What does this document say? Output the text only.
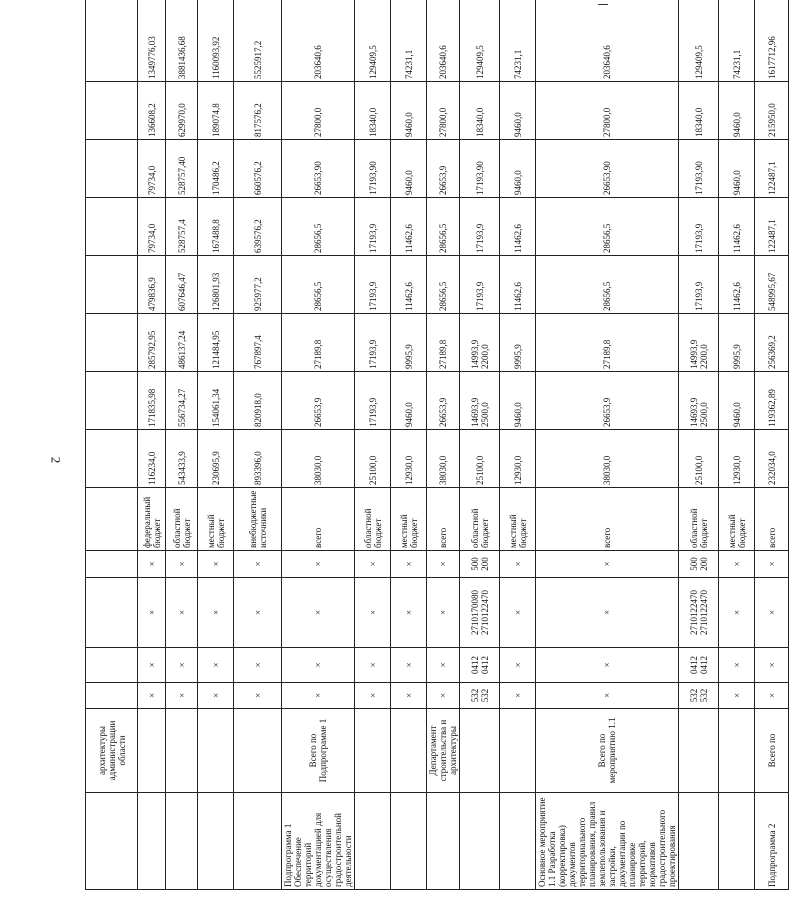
2
	архитектуры администрации области													
		×	×	×	×	федеральный бюджет	116234,0	171835,98	285792,95	479836,9	79734,0	79734,0	136608,2	1349776,03
		×	×	×	×	областной бюджет	543433,9	556734,27	486137,24	607646,47	528757,4	528757,40	629970,0	3881436,68
		×	×	×	×	местный бюджет	230695,9	154061,34	121484,95	126801,93	167488,8	170486,2	189074,8	1160093,92
		×	×	×	×	внебюджетные источники	893396,0	820918,0	767897,4	925977,2	639576,2	660576,2	817576,2	5525917,2
Подпрограмма 1 Обеспечение территорий документацией для осуществления градостроительной деятельности	Всего по Подпрограмме 1	×	×	×	×	всего	38030,0	26653,9	27189,8	28656,5	28656,5	26653,90	27800,0	203640,6
		×	×	×	×	областной бюджет	25100,0	17193,9	17193,9	17193,9	17193,9	17193,90	18340,0	129409,5
		×	×	×	×	местный бюджет	12930,0	9460,0	9995,9	11462,6	11462,6	9460,0	9460,0	74231,1
	Департамент строительства и архитектуры	×	×	×	×	всего	38030,0	26653,9	27189,8	28656,5	28656,5	26653,9	27800,0	203640,6
		532 532	0412 0412	2710170080 2710122470	500 200	областной бюджет	25100,0	14693,9 2500,0	14993,9 2200,0	17193,9	17193,9	17193,90	18340,0	129409,5
		×	×	×	×	местный бюджет	12930,0	9460,0	9995,9	11462,6	11462,6	9460,0	9460,0	74231,1
Основное мероприятие 1.1 Разработка (корректировка) документов территориального планирования, правил землепользования и застройки, документации по планировке территорий, нормативов градостроительного проектирования	Всего по мероприятию 1.1	×	×	×	×	всего	38030,0	26653,9	27189,8	28656,5	28656,5	26653,90	27800,0	203640,6
		532 532	0412 0412	2710122470 2710122470	500 200	областной бюджет	25100,0	14693,9 2500,0	14993,9 2200,0	17193,9	17193,9	17193,90	18340,0	129409,5
		×	×	×	×	местный бюджет	12930,0	9460,0	9995,9	11462,6	11462,6	9460,0	9460,0	74231,1
Подпрограмма 2	Всего по	×	×	×	×	всего	232034,0	119362,89	256369,2	548995,67	122487,1	122487,1	215950,0	1617712,96
